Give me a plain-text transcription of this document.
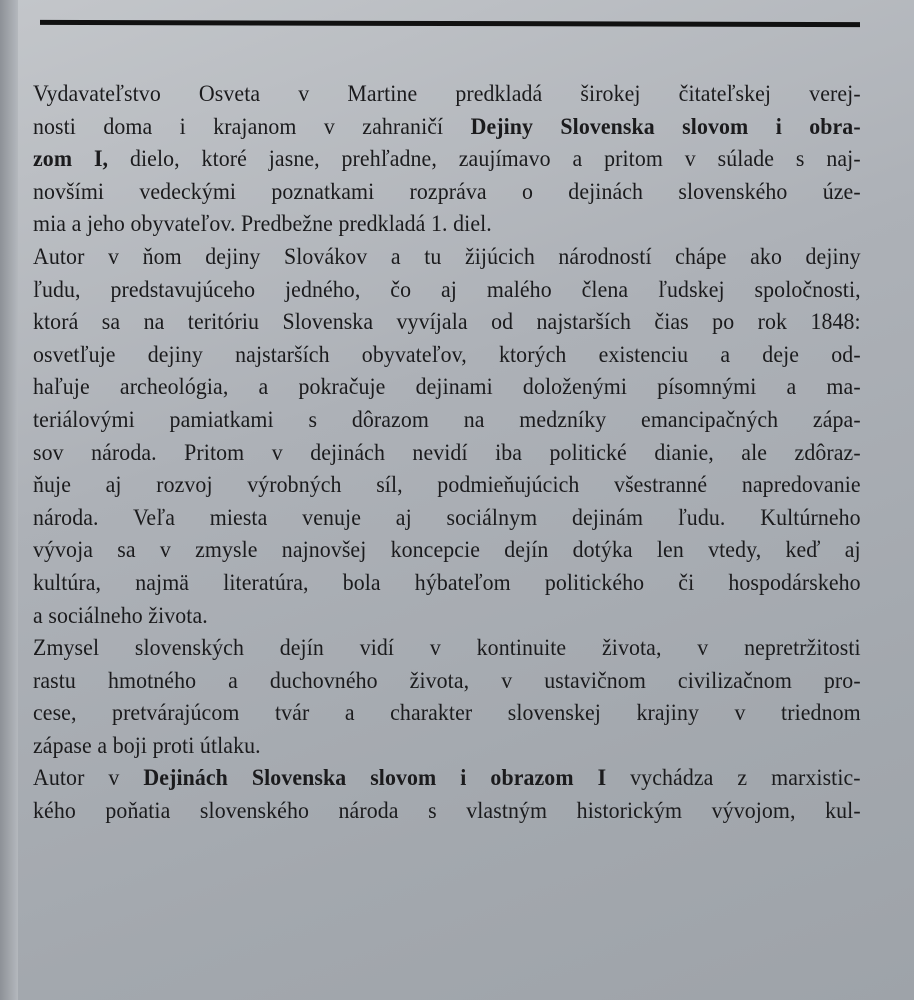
Vydavateľstvo Osveta v Martine predkladá širokej čitateľskej verej-
nosti doma i krajanom v zahraničí Dejiny Slovenska slovom i obra-
zom I, dielo, ktoré jasne, prehľadne, zaujímavo a pritom v súlade s naj-
novšími vedeckými poznatkami rozpráva o dejinách slovenského úze-
mia a jeho obyvateľov. Predbežne predkladá 1. diel.
Autor v ňom dejiny Slovákov a tu žijúcich národností chápe ako dejiny
ľudu, predstavujúceho jedného, čo aj malého člena ľudskej spoločnosti,
ktorá sa na teritóriu Slovenska vyvíjala od najstarších čias po rok 1848:
osvetľuje dejiny najstarších obyvateľov, ktorých existenciu a deje od-
haľuje archeológia, a pokračuje dejinami doloženými písomnými a ma-
teriálovými pamiatkami s dôrazom na medzníky emancipačných zápa-
sov národa. Pritom v dejinách nevidí iba politické dianie, ale zdôraz-
ňuje aj rozvoj výrobných síl, podmieňujúcich všestranné napredovanie
národa. Veľa miesta venuje aj sociálnym dejinám ľudu. Kultúrneho
vývoja sa v zmysle najnovšej koncepcie dejín dotýka len vtedy, keď aj
kultúra, najmä literatúra, bola hýbateľom politického či hospodárskeho
a sociálneho života.
Zmysel slovenských dejín vidí v kontinuite života, v nepretržitosti
rastu hmotného a duchovného života, v ustavičnom civilizačnom pro-
cese, pretvárajúcom tvár a charakter slovenskej krajiny v triednom
zápase a boji proti útlaku.
Autor v Dejinách Slovenska slovom i obrazom I vychádza z marxistic-
kého poňatia slovenského národa s vlastným historickým vývojom, kul-
